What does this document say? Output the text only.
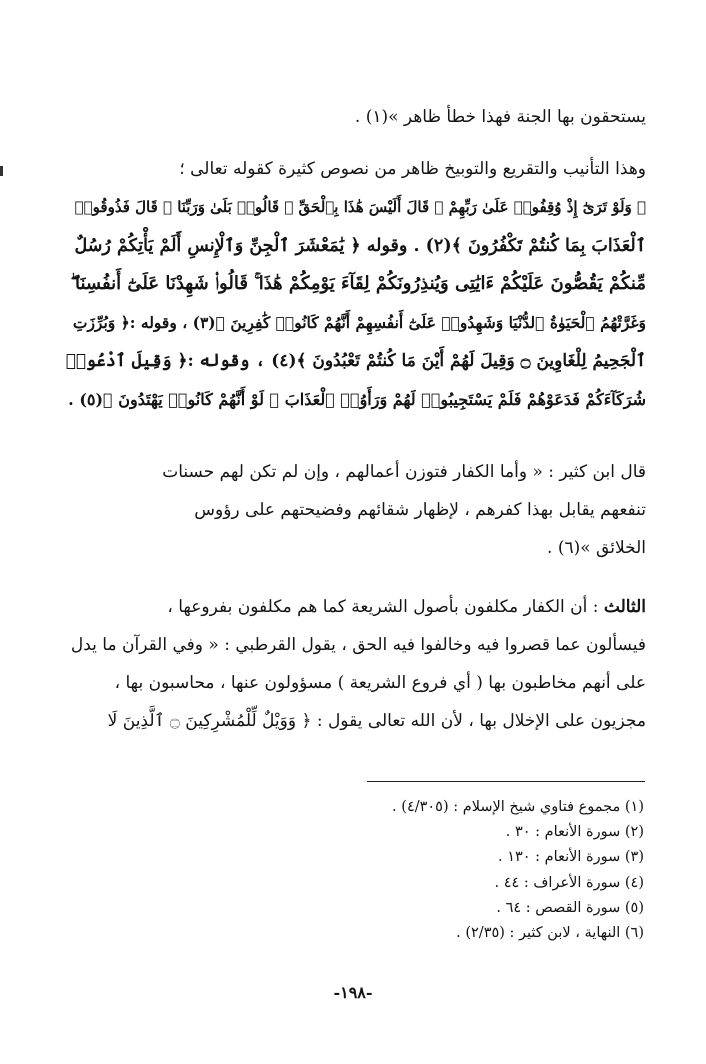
يستحقون بها الجنة فهذا خطأ ظاهر »(١) .
وهذا التأنيب والتقريع والتوبيخ ظاهر من نصوص كثيرة كقوله تعالى ؛
﴿ وَلَوْ تَرَىٰٓ إِذْ وُقِفُوا۟ عَلَىٰ رَبِّهِمْ ۚ قَالَ أَلَيْسَ هَٰذَا بِٱلْحَقِّ ۚ قَالُوا۟ بَلَىٰ وَرَبِّنَا ۚ قَالَ فَذُوقُوا۟
ٱلْعَذَابَ بِمَا كُنتُمْ تَكْفُرُونَ ﴾(٢) . وقوله ﴿ يَٰمَعْشَرَ ٱلْجِنِّ وَٱلْإِنسِ أَلَمْ يَأْتِكُمْ رُسُلٌ
مِّنكُمْ يَقُصُّونَ عَلَيْكُمْ ءَايَٰتِى وَيُنذِرُونَكُمْ لِقَآءَ يَوْمِكُمْ هَٰذَا ۚ قَالُوا۟ شَهِدْنَا عَلَىٰٓ أَنفُسِنَا ۖ
وَغَرَّتْهُمُ ٱلْحَيَوٰةُ ٱلدُّنْيَا وَشَهِدُوا۟ عَلَىٰٓ أَنفُسِهِمْ أَنَّهُمْ كَانُوا۟ كَٰفِرِينَ ﴾(٣) ، وقوله :﴿ وَبُرِّزَتِ
ٱلْجَحِيمُ لِلْغَاوِينَ ۝ وَقِيلَ لَهُمْ أَيْنَ مَا كُنتُمْ تَعْبُدُونَ ﴾(٤) ، وقوله :﴿ وَقِيلَ ٱدْعُوا۟
شُرَكَآءَكُمْ فَدَعَوْهُمْ فَلَمْ يَسْتَجِيبُوا۟ لَهُمْ وَرَأَوُا۟ ٱلْعَذَابَ ۚ لَوْ أَنَّهُمْ كَانُوا۟ يَهْتَدُونَ ﴾(٥) .
قال ابن كثير : « وأما الكفار فتوزن أعمالهم ، وإن لم تكن لهم حسنات
تنفعهم يقابل بهذا كفرهم ، لإظهار شقائهم وفضيحتهم على رؤوس
الخلائق »(٦) .
الثالث : أن الكفار مكلفون بأصول الشريعة كما هم مكلفون بفروعها ،
فيسألون عما قصروا فيه وخالفوا فيه الحق ، يقول القرطبي : « وفي القرآن ما يدل
على أنهم مخاطبون بها ( أي فروع الشريعة ) مسؤولون عنها ، محاسبون بها ،
مجزيون على الإخلال بها ، لأن الله تعالى يقول : ﴿ وَوَيْلٌ لِّلْمُشْرِكِينَ ۝ ٱلَّذِينَ لَا
(١) مجموع فتاوي شيخ الإسلام : (٤/٣٠٥) .
(٢) سورة الأنعام : ٣٠ .
(٣) سورة الأنعام : ١٣٠ .
(٤) سورة الأعراف : ٤٤ .
(٥) سورة القصص : ٦٤ .
(٦) النهاية ، لابن كثير : (٢/٣٥) .
-١٩٨-
